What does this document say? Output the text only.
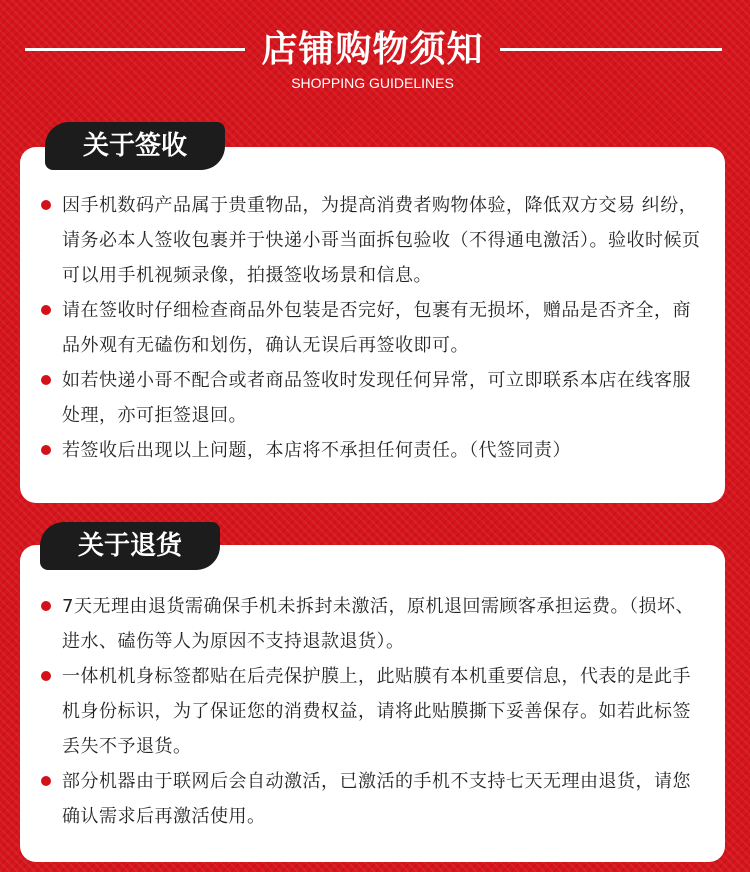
店铺购物须知
SHOPPING GUIDELINES
关于签收
因手机数码产品属于贵重物品，为提高消费者购物体验，降低双方交易 纠纷，请务必本人签收包裹并于快递小哥当面拆包验收（不得通电激活）。验收时候页可以用手机视频录像，拍摄签收场景和信息。
请在签收时仔细检查商品外包装是否完好，包裹有无损坏，赠品是否齐全，商品外观有无磕伤和划伤，确认无误后再签收即可。
如若快递小哥不配合或者商品签收时发现任何异常，可立即联系本店在线客服处理，亦可拒签退回。
若签收后出现以上问题，本店将不承担任何责任。（代签同责）
关于退货
7天无理由退货需确保手机未拆封未激活，原机退回需顾客承担运费。（损坏、进水、磕伤等人为原因不支持退款退货）。
一体机机身标签都贴在后壳保护膜上，此贴膜有本机重要信息，代表的是此手机身份标识，为了保证您的消费权益，请将此贴膜撕下妥善保存。如若此标签丢失不予退货。
部分机器由于联网后会自动激活，已激活的手机不支持七天无理由退货，请您确认需求后再激活使用。
